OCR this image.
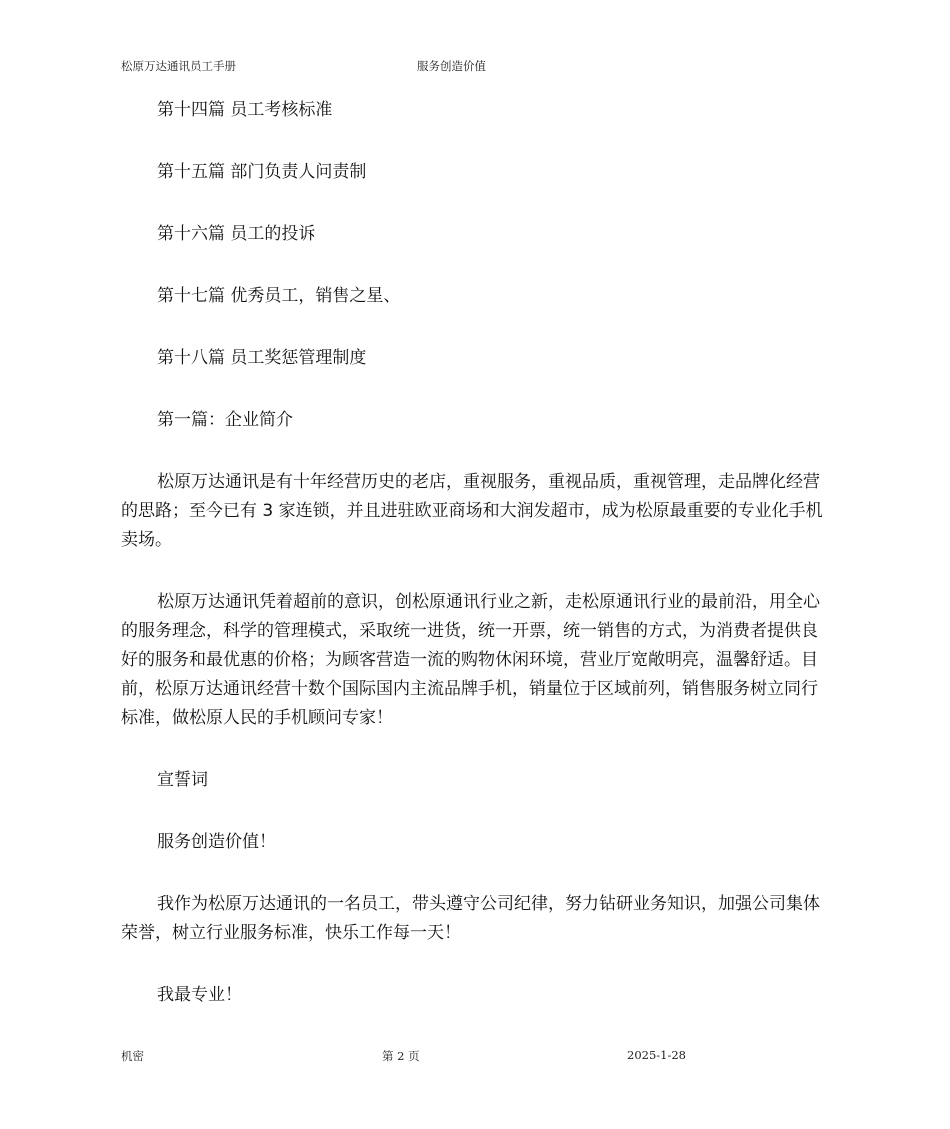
松原万达通讯员工手册	服务创造价值

第十四篇 员工考核标准

第十五篇 部门负责人问责制

第十六篇 员工的投诉

第十七篇 优秀员工，销售之星、

第十八篇 员工奖惩管理制度

第一篇：企业简介

松原万达通讯是有十年经营历史的老店，重视服务，重视品质，重视管理，走品牌化经营的思路；至今已有 3 家连锁，并且进驻欧亚商场和大润发超市，成为松原最重要的专业化手机卖场。

松原万达通讯凭着超前的意识，创松原通讯行业之新，走松原通讯行业的最前沿，用全心的服务理念，科学的管理模式，采取统一进货，统一开票，统一销售的方式，为消费者提供良好的服务和最优惠的价格；为顾客营造一流的购物休闲环境，营业厅宽敞明亮，温馨舒适。目前，松原万达通讯经营十数个国际国内主流品牌手机，销量位于区域前列，销售服务树立同行标准，做松原人民的手机顾问专家！

宣誓词

服务创造价值！

我作为松原万达通讯的一名员工，带头遵守公司纪律，努力钻研业务知识，加强公司集体荣誉，树立行业服务标准，快乐工作每一天！

我最专业！

机密	第 2 页	2025-1-28
